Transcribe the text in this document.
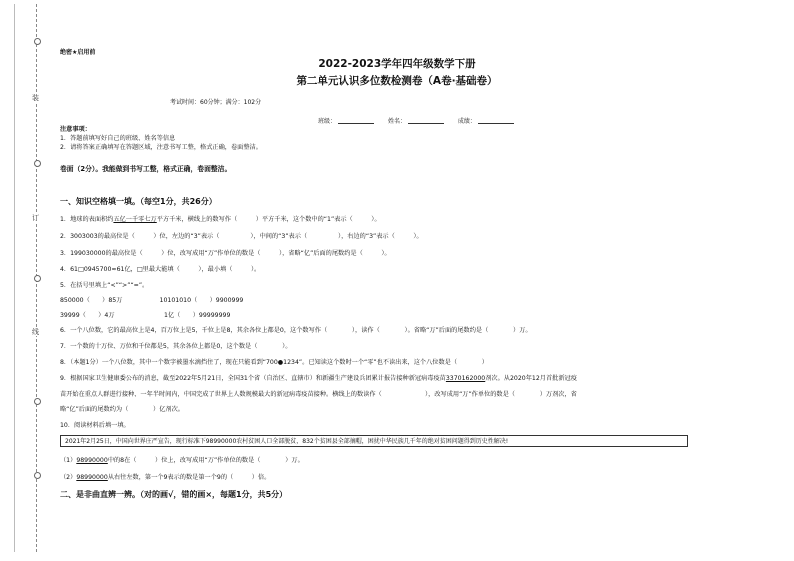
装
订
线
绝密★启用前
2022-2023学年四年级数学下册
第二单元认识多位数检测卷（A卷·基础卷）
考试时间：60分钟；满分：102分
班级：	姓名：	成绩：
注意事项：
1．答题前填写好自己的班级、姓名等信息
2．请将答案正确填写在答题区域，注意书写工整，格式正确，卷面整洁。
卷面（2分）。我能做到书写工整，格式正确，卷面整洁。
一、知识空格填一填。（每空1分，共26分）
1．地球的表面积约五亿一千零七万平方千米，横线上的数写作（　　　）平方千米，这个数中的“1”表示（　　　）。
2．3003003的最高位是（　　　）位，左边的“3”表示（　　　　　），中间的“3”表示（　　　　　），右边的“3”表示（　　　）。
3．199030000的最高位是（　　　）位，改写成用“万”作单位的数是（　　　），省略“亿”后面的尾数约是（　　　）。
4．61□0945700≈61亿，□里最大能填（　　　），最小填（　　　）。
5．在括号里填上“<”“>”“=”。
850000（　　）85万　　　　　　10101010（　　）9900999
39999（　　）4万　　　　　　　　1亿（　　）99999999
6．一个八位数，它的最高位上是4，百万位上是5，千位上是8，其余各位上都是0，这个数写作（　　　　），读作（　　　　）。省略“万”后面的尾数约是（　　　　）万。
7．一个数的十万位、万位和千位都是5，其余各位上都是0，这个数是（　　　　）。
8．（本题1分）一个八位数，其中一个数字被墨水滴挡住了，现在只能看到“700●1234”。已知读这个数时一个“零”也不读出来，这个八位数是（　　　　）
9．根据国家卫生健康委公布的消息，截至2022年5月21日，全国31个省（自治区、直辖市）和新疆生产建设兵团累计报告接种新冠病毒疫苗3370162000剂次。从2020年12月首批新冠疫
苗开始在重点人群进行接种、一年半时间内，中国完成了世界上人数规模最大的新冠病毒疫苗接种。横线上的数读作（　　　　　　　），改写成用“万”作单位的数是（　　　　）万剂次，省
略“亿”后面的尾数约为（　　　　）亿剂次。
10．阅读材料后填一填。
2021年2月25日，中国向世界庄严宣告，现行标准下98990000农村贫困人口全部脱贫，832个贫困县全部摘帽，困扰中华民族几千年的绝对贫困问题得到历史性解决!
（1）98990000中的8在（　　　）位上，改写成用“万”作单位的数是（　　　　）万。
（2）98990000从右往左数，第一个9表示的数是第一个9的（　　　）倍。
二、是非曲直辨一辨。（对的画√，错的画×，每题1分，共5分）
